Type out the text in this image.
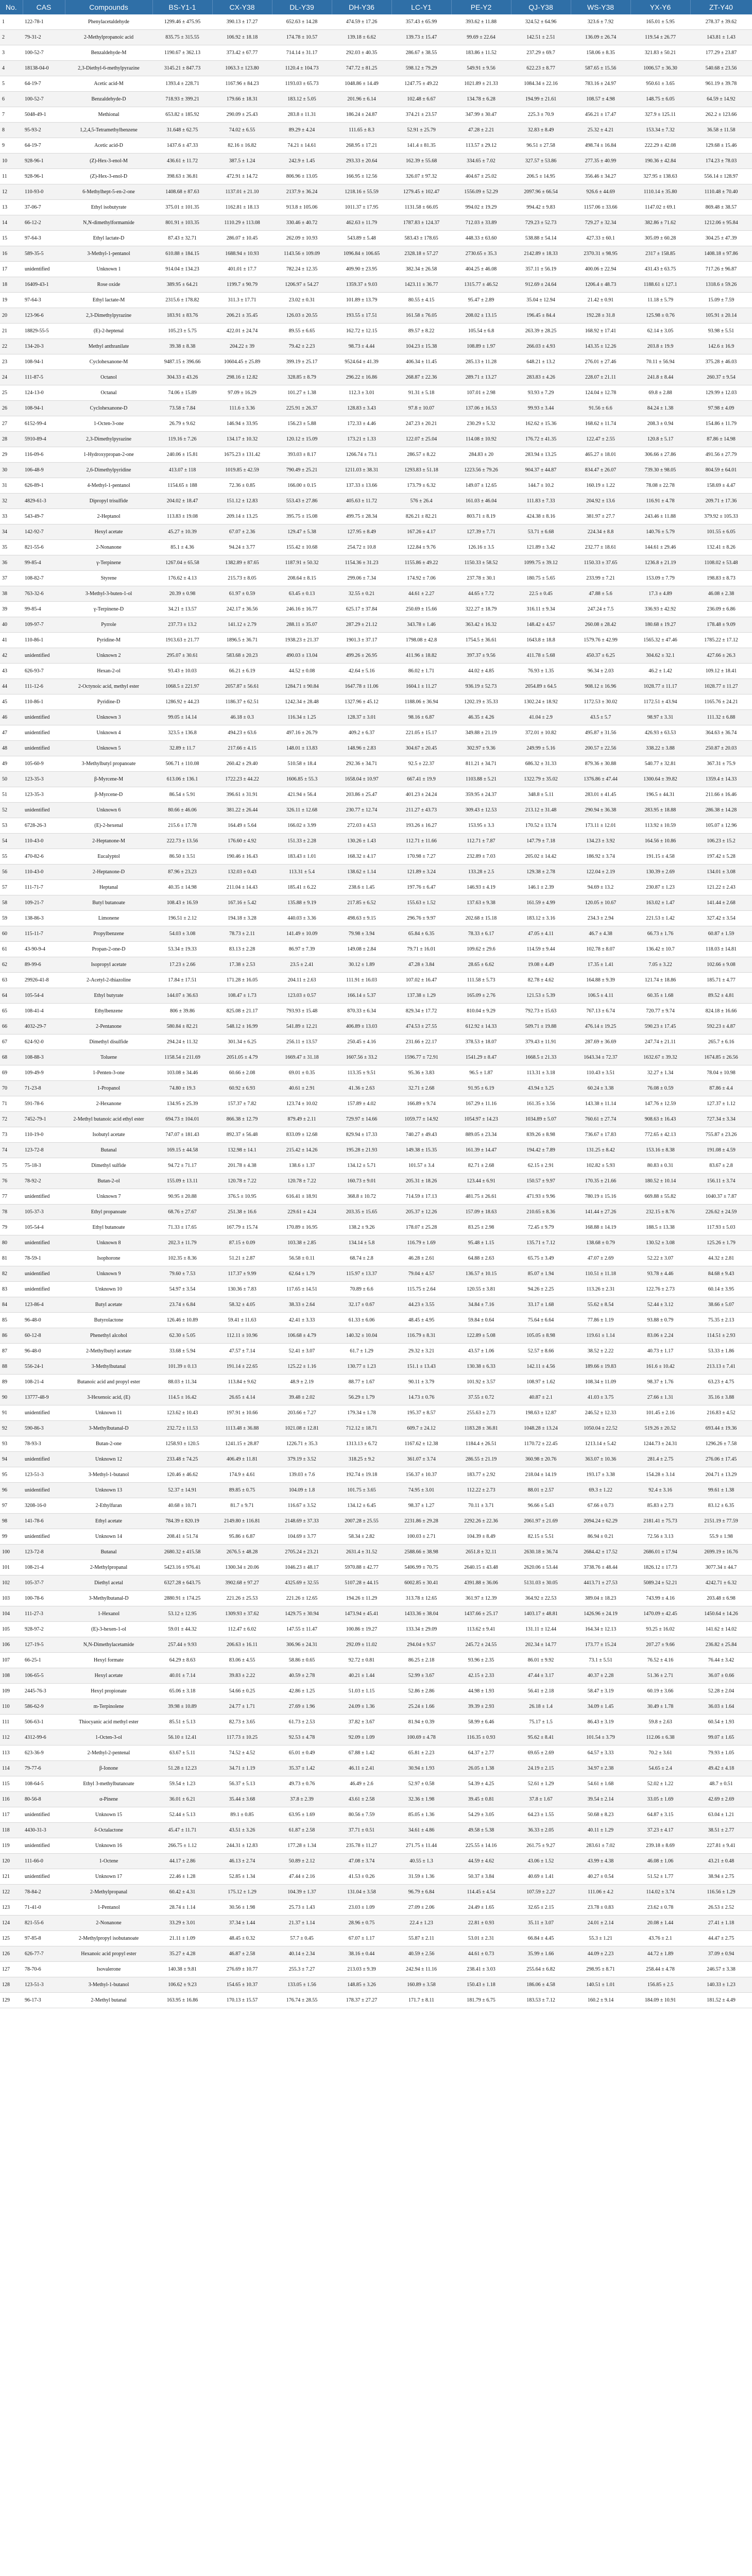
No.	CAS	Compounds	BS-Y1-1	CX-Y38	DL-Y39	DH-Y36	LC-Y1	PE-Y2	QJ-Y38	WS-Y38	YX-Y6	ZT-Y40
1	122-78-1	Phenylacetaldehyde	1299.46 ± 475.95	390.13 ± 17.27	652.63 ± 14.28	474.59 ± 17.26	357.43 ± 65.99	393.62 ± 11.88	324.52 ± 64.96	323.6 ± 7.92	165.01 ± 5.95	278.37 ± 39.62
2	79-31-2	2-Methylpropanoic acid	835.75 ± 315.55	106.92 ± 18.18	174.78 ± 10.57	139.18 ± 6.62	139.73 ± 15.47	99.69 ± 22.64	142.51 ± 2.51	136.09 ± 26.74	119.54 ± 26.77	143.81 ± 1.43
3	100-52-7	Benzaldehyde-M	1190.67 ± 362.13	373.42 ± 67.77	714.14 ± 31.17	292.03 ± 40.35	286.67 ± 38.55	183.86 ± 11.52	237.29 ± 69.7	158.06 ± 8.35	321.83 ± 50.21	177.29 ± 23.87
4	18138-04-0	2,3-Diethyl-6-methylpyrazine	3145.21 ± 847.73	1063.3 ± 123.80	1120.4 ± 104.73	747.72 ± 81.25	598.12 ± 79.29	549.91 ± 9.56	622.23 ± 8.77	587.65 ± 15.56	1006.57 ± 36.30	540.68 ± 23.56
5	64-19-7	Acetic acid-M	1393.4 ± 228.71	1167.96 ± 84.23	1193.03 ± 65.73	1048.86 ± 14.49	1247.75 ± 49.22	1021.89 ± 21.33	1084.34 ± 22.16	783.16 ± 24.97	950.61 ± 3.65	961.19 ± 39.78
6	100-52-7	Benzaldehyde-D	718.93 ± 399.21	179.66 ± 18.31	183.12 ± 5.05	201.96 ± 6.14	102.48 ± 6.67	134.78 ± 6.28	194.99 ± 21.61	108.57 ± 4.98	148.75 ± 6.05	64.59 ± 14.92
7	5048-49-1	Methional	653.82 ± 185.92	290.09 ± 25.43	283.8 ± 11.31	186.24 ± 24.87	374.21 ± 23.57	347.99 ± 30.47	225.3 ± 70.9	456.21 ± 17.47	327.9 ± 125.11	262.2 ± 123.66
8	95-93-2	1,2,4,5-Tetramethylbenzene	31.648 ± 62.75	74.02 ± 6.55	89.29 ± 4.24	111.65 ± 8.3	52.91 ± 25.79	47.28 ± 2.21	32.83 ± 8.49	25.32 ± 4.21	153.34 ± 7.32	36.58 ± 11.58
9	64-19-7	Acetic acid-D	1437.6 ± 47.33	82.16 ± 16.82	74.21 ± 14.61	268.95 ± 17.21	141.4 ± 81.35	113.57 ± 29.12	96.51 ± 27.58	498.74 ± 16.84	222.29 ± 42.08	129.68 ± 15.46
10	928-96-1	(Z)-Hex-3-enol-M	436.61 ± 11.72	387.5 ± 1.24	242.9 ± 1.45	293.33 ± 20.64	162.39 ± 55.68	334.65 ± 7.02	327.57 ± 53.86	277.35 ± 40.99	190.36 ± 42.84	174.23 ± 78.03
11	928-96-1	(Z)-Hex-3-enol-D	398.63 ± 36.81	472.91 ± 14.72	806.96 ± 13.05	166.95 ± 12.56	326.07 ± 97.32	404.67 ± 25.02	206.5 ± 14.95	356.46 ± 34.27	327.95 ± 138.63	556.14 ± 128.97
12	110-93-0	6-Methylhept-5-en-2-one	1408.68 ± 87.63	1137.01 ± 21.10	2137.9 ± 36.24	1218.16 ± 55.59	1279.45 ± 102.47	1556.09 ± 52.29	2097.96 ± 66.54	926.6 ± 44.69	1110.14 ± 35.80	1110.48 ± 70.40
13	37-06-7	Ethyl isobutyrate	375.01 ± 101.35	1162.81 ± 18.13	913.8 ± 105.06	1011.37 ± 17.95	1131.58 ± 66.05	994.02 ± 19.29	994.42 ± 9.83	1157.06 ± 33.66	1147.02 ± 69.1	869.48 ± 38.57
14	66-12-2	N,N-dimethylformamide	801.91 ± 103.35	1110.29 ± 113.08	330.46 ± 40.72	462.63 ± 11.79	1787.83 ± 124.37	712.03 ± 33.89	729.23 ± 52.73	729.27 ± 32.34	382.86 ± 71.62	1212.06 ± 95.84
15	97-64-3	Ethyl lactate-D	87.43 ± 32.71	286.07 ± 10.45	262.09 ± 10.93	543.89 ± 5.48	583.43 ± 178.65	448.33 ± 63.60	538.88 ± 54.14	427.33 ± 60.1	305.09 ± 60.28	304.25 ± 47.39
16	589-35-5	3-Methyl-1-pentanol	610.88 ± 184.15	1688.94 ± 10.93	1143.56 ± 109.09	1096.84 ± 106.65	2328.18 ± 57.27	2730.65 ± 35.3	2142.89 ± 18.33	2370.31 ± 98.95	2317 ± 158.85	1408.18 ± 97.86
17	unidentified	Unknown 1	914.04 ± 134.23	401.01 ± 17.7	782.24 ± 12.35	409.90 ± 23.95	382.34 ± 26.58	404.25 ± 46.08	357.11 ± 56.19	400.06 ± 22.94	431.43 ± 63.75	717.26 ± 96.87
18	16409-43-1	Rose oxide	389.95 ± 64.21	1199.7 ± 90.79	1206.97 ± 54.27	1359.37 ± 9.03	1423.11 ± 36.77	1315.77 ± 46.52	912.69 ± 24.64	1206.4 ± 48.73	1188.61 ± 127.1	1318.6 ± 59.26
19	97-64-3	Ethyl lactate-M	2315.6 ± 178.82	311.3 ± 17.71	23.02 ± 0.31	101.89 ± 13.79	80.55 ± 4.15	95.47 ± 2.89	35.04 ± 12.94	21.42 ± 0.91	11.18 ± 5.79	15.09 ± 7.59
20	123-96-6	2,3-Dimethylpyrazine	183.91 ± 83.76	206.21 ± 35.45	126.03 ± 20.55	193.55 ± 17.51	161.58 ± 76.05	208.02 ± 13.15	196.45 ± 84.4	192.28 ± 31.8	125.98 ± 0.76	105.91 ± 20.14
21	18829-55-5	(E)-2-heptenal	105.23 ± 5.75	422.01 ± 24.74	89.55 ± 6.65	162.72 ± 12.15	89.57 ± 8.22	105.54 ± 6.8	263.39 ± 28.25	168.92 ± 17.41	62.14 ± 3.05	93.98 ± 5.51
22	134-20-3	Methyl anthranilate	39.38 ± 8.38	204.22 ± 39	79.42 ± 2.23	98.73 ± 4.44	104.23 ± 15.38	108.89 ± 1.97	266.03 ± 4.93	143.35 ± 12.26	203.8 ± 19.9	142.6 ± 16.9
23	108-94-1	Cyclohexanone-M	9487.15 ± 396.66	10604.45 ± 25.89	399.19 ± 25.17	9524.64 ± 41.39	406.34 ± 11.45	285.13 ± 11.28	648.21 ± 13.2	276.01 ± 27.46	70.11 ± 56.94	375.28 ± 46.03
24	111-87-5	Octanol	304.33 ± 43.26	298.16 ± 12.82	328.85 ± 8.79	296.22 ± 16.86	268.87 ± 22.36	289.71 ± 13.27	283.83 ± 4.26	228.07 ± 21.11	241.8 ± 8.44	260.37 ± 9.54
25	124-13-0	Octanal	74.06 ± 15.89	97.09 ± 16.29	101.27 ± 1.38	112.3 ± 3.01	91.31 ± 5.18	107.01 ± 2.98	93.93 ± 7.29	124.04 ± 12.78	69.8 ± 2.88	129.99 ± 12.03
26	108-94-1	Cyclohexanone-D	73.58 ± 7.84	111.6 ± 3.36	225.91 ± 26.37	128.83 ± 3.43	97.8 ± 10.07	137.06 ± 16.53	99.93 ± 3.44	91.56 ± 6.6	84.24 ± 1.38	97.98 ± 4.09
27	6152-99-4	1-Octen-3-one	26.79 ± 9.62	146.94 ± 33.95	156.23 ± 5.88	172.33 ± 4.46	247.23 ± 20.21	230.29 ± 5.32	162.62 ± 15.36	168.62 ± 11.74	208.3 ± 0.94	154.86 ± 11.79
28	5910-89-4	2,3-Dimethylpyrazine	119.16 ± 7.26	134.17 ± 10.32	120.12 ± 15.09	173.21 ± 1.33	122.07 ± 25.04	114.08 ± 10.92	176.72 ± 41.35	122.47 ± 2.55	120.8 ± 5.17	87.86 ± 14.98
29	116-09-6	1-Hydroxypropan-2-one	240.06 ± 15.81	1675.23 ± 131.42	393.03 ± 8.17	1266.74 ± 73.1	286.57 ± 8.22	284.83 ± 20	283.94 ± 13.25	465.27 ± 18.01	306.66 ± 27.86	491.56 ± 27.79
30	106-48-9	2,6-Dimethylpyridine	413.07 ± 118	1019.85 ± 42.59	790.49 ± 25.21	1211.03 ± 38.31	1293.83 ± 51.18	1223.56 ± 79.26	904.37 ± 44.87	834.47 ± 26.07	739.30 ± 98.05	804.59 ± 64.01
31	626-89-1	4-Methyl-1-pentanol	1154.65 ± 188	72.36 ± 0.85	166.00 ± 0.15	137.33 ± 13.66	173.79 ± 6.32	149.07 ± 12.65	144.7 ± 10.2	160.19 ± 1.22	78.08 ± 22.78	158.69 ± 4.47
32	4829-61-3	Dipropyl trisulfide	204.02 ± 18.47	151.12 ± 12.83	553.43 ± 27.86	405.63 ± 11.72	576 ± 26.4	161.03 ± 46.04	111.83 ± 7.33	204.92 ± 13.6	116.91 ± 4.78	209.71 ± 17.36
33	543-49-7	2-Heptanol	113.83 ± 19.08	209.14 ± 13.25	395.75 ± 15.08	499.75 ± 28.34	826.21 ± 82.21	803.71 ± 8.19	424.38 ± 8.16	381.97 ± 27.7	243.46 ± 11.88	379.92 ± 105.33
34	142-92-7	Hexyl acetate	45.27 ± 10.39	67.07 ± 2.36	129.47 ± 5.38	127.95 ± 8.49	167.26 ± 4.17	127.39 ± 7.71	53.71 ± 6.68	224.34 ± 8.8	140.76 ± 5.79	101.55 ± 6.05
35	821-55-6	2-Nonanone	85.1 ± 4.36	94.24 ± 3.77	155.42 ± 10.68	254.72 ± 10.8	122.84 ± 9.76	126.16 ± 3.5	121.89 ± 3.42	232.77 ± 18.61	144.61 ± 29.46	132.41 ± 8.26
36	99-85-4	γ-Terpinene	1267.04 ± 65.58	1382.89 ± 87.65	1187.91 ± 50.32	1154.36 ± 31.23	1155.86 ± 49.22	1150.33 ± 58.52	1099.75 ± 39.12	1150.33 ± 37.65	1236.8 ± 21.19	1108.02 ± 53.48
37	108-82-7	Styrene	176.62 ± 4.13	215.73 ± 8.05	208.64 ± 8.15	299.06 ± 7.34	174.92 ± 7.06	237.78 ± 30.1	180.75 ± 5.65	233.99 ± 7.21	153.09 ± 7.79	198.83 ± 8.73
38	763-32-6	3-Methyl-3-buten-1-ol	20.39 ± 0.98	61.97 ± 0.59	63.45 ± 0.13	32.55 ± 0.21	44.61 ± 2.27	44.65 ± 7.72	22.5 ± 0.45	47.88 ± 5.6	17.3 ± 4.89	46.08 ± 2.38
39	99-85-4	γ-Terpinene-D	34.21 ± 13.57	242.17 ± 36.56	246.16 ± 16.77	625.17 ± 37.84	250.69 ± 15.66	322.27 ± 18.79	316.11 ± 9.34	247.24 ± 7.5	336.93 ± 42.92	236.09 ± 6.86
40	109-97-7	Pyrrole	237.73 ± 13.2	141.12 ± 2.79	288.11 ± 35.07	287.29 ± 21.12	343.78 ± 1.46	363.42 ± 16.32	148.42 ± 4.57	260.08 ± 28.42	180.68 ± 19.27	178.48 ± 9.09
41	110-86-1	Pyridine-M	1913.63 ± 21.77	1896.5 ± 36.71	1938.23 ± 21.37	1901.3 ± 37.17	1798.08 ± 42.8	1754.5 ± 36.61	1643.8 ± 18.8	1579.76 ± 42.99	1565.32 ± 47.46	1785.22 ± 17.12
42	unidentified	Unknown 2	295.07 ± 30.61	583.68 ± 20.23	490.03 ± 13.04	499.26 ± 26.95	411.96 ± 18.82	397.37 ± 9.56	411.78 ± 5.68	450.37 ± 6.25	304.62 ± 32.1	427.66 ± 26.3
43	626-93-7	Hexan-2-ol	93.43 ± 10.03	66.21 ± 6.19	44.52 ± 0.08	42.64 ± 5.16	86.02 ± 1.71	44.02 ± 4.85	76.93 ± 1.35	96.34 ± 2.03	46.2 ± 1.42	109.12 ± 18.41
44	111-12-6	2-Octynoic acid, methyl ester	1068.5 ± 221.97	2057.87 ± 56.61	1284.71 ± 90.84	1647.78 ± 11.06	1604.1 ± 11.27	936.19 ± 52.73	2054.89 ± 64.5	908.12 ± 16.96	1028.77 ± 11.17	1028.77 ± 11.27
45	110-86-1	Pyridine-D	1286.92 ± 44.23	1186.37 ± 62.51	1242.34 ± 28.48	1327.96 ± 45.12	1188.06 ± 36.94	1202.19 ± 35.33	1302.24 ± 18.92	1172.53 ± 30.02	1172.51 ± 43.94	1165.76 ± 24.21
46	unidentified	Unknown 3	99.05 ± 14.14	46.18 ± 0.3	116.34 ± 1.25	128.37 ± 3.01	98.16 ± 6.87	46.35 ± 4.26	41.04 ± 2.9	43.5 ± 5.7	98.97 ± 3.31	111.32 ± 6.88
47	unidentified	Unknown 4	323.5 ± 136.8	494.23 ± 63.6	497.16 ± 26.79	409.2 ± 6.37	221.05 ± 15.17	349.88 ± 21.19	372.01 ± 10.82	495.87 ± 31.56	426.93 ± 63.53	364.63 ± 36.74
48	unidentified	Unknown 5	32.89 ± 11.7	217.66 ± 4.15	148.01 ± 13.83	148.96 ± 2.83	304.67 ± 20.45	302.97 ± 9.36	249.99 ± 5.16	200.57 ± 22.56	338.22 ± 3.88	250.87 ± 20.03
49	105-60-9	3-Methylbutyl propanoate	506.71 ± 110.08	260.42 ± 29.40	510.58 ± 18.4	292.36 ± 34.71	92.5 ± 22.37	811.21 ± 34.71	686.32 ± 31.33	879.36 ± 30.88	540.77 ± 32.81	367.31 ± 75.9
50	123-35-3	β-Myrcene-M	613.06 ± 136.1	1722.23 ± 44.22	1606.85 ± 55.3	1658.04 ± 10.97	667.41 ± 19.9	1103.88 ± 5.21	1322.79 ± 35.02	1376.86 ± 47.44	1300.64 ± 39.82	1359.4 ± 14.33
51	123-35-3	β-Myrcene-D	86.54 ± 5.91	396.61 ± 31.91	421.94 ± 56.4	203.86 ± 25.47	401.23 ± 24.24	359.95 ± 24.37	348.8 ± 5.11	283.01 ± 41.45	196.5 ± 44.31	211.66 ± 16.46
52	unidentified	Unknown 6	80.66 ± 46.06	381.22 ± 26.44	326.11 ± 12.68	230.77 ± 12.74	211.27 ± 43.73	309.43 ± 12.53	213.12 ± 31.48	290.94 ± 36.38	283.95 ± 18.88	286.38 ± 14.28
53	6728-26-3	(E)-2-hexenal	215.6 ± 17.78	164.49 ± 5.64	166.02 ± 3.99	272.03 ± 4.53	193.26 ± 16.27	153.95 ± 3.3	170.52 ± 13.74	173.11 ± 12.01	113.92 ± 10.59	105.07 ± 12.96
54	110-43-0	2-Heptanone-M	222.73 ± 13.56	176.60 ± 4.92	151.33 ± 2.28	130.26 ± 1.43	112.71 ± 11.66	112.71 ± 7.87	147.79 ± 7.18	134.23 ± 3.92	164.56 ± 10.86	106.23 ± 15.2
55	470-82-6	Eucalyptol	86.50 ± 3.51	190.46 ± 16.43	183.43 ± 1.01	168.32 ± 4.17	170.98 ± 7.27	232.89 ± 7.03	205.02 ± 14.42	186.92 ± 3.74	191.15 ± 4.58	197.42 ± 5.28
56	110-43-0	2-Heptanone-D	87.96 ± 23.23	132.03 ± 0.43	113.31 ± 5.4	138.62 ± 1.14	121.89 ± 3.24	133.28 ± 2.5	129.38 ± 2.78	122.04 ± 2.19	130.39 ± 2.69	134.01 ± 3.08
57	111-71-7	Heptanal	40.35 ± 14.98	211.04 ± 14.43	185.41 ± 6.22	238.6 ± 1.45	197.76 ± 6.47	146.93 ± 4.19	146.1 ± 2.39	94.69 ± 13.2	230.87 ± 1.23	121.22 ± 2.43
58	109-21-7	Butyl butanoate	108.43 ± 16.59	167.16 ± 5.42	135.88 ± 9.19	217.85 ± 6.52	155.63 ± 1.52	137.63 ± 9.38	161.59 ± 4.99	120.05 ± 10.67	163.02 ± 1.47	141.44 ± 2.68
59	138-86-3	Limonene	196.51 ± 2.12	194.18 ± 3.28	440.03 ± 3.36	498.63 ± 9.15	296.76 ± 9.97	202.68 ± 15.18	183.12 ± 3.16	234.3 ± 2.94	221.53 ± 1.42	327.42 ± 3.54
60	115-11-7	Propylbenzene	54.03 ± 3.08	78.73 ± 2.11	141.49 ± 10.09	79.98 ± 3.94	65.84 ± 6.35	78.33 ± 6.17	47.05 ± 4.11	46.7 ± 4.38	66.73 ± 1.76	60.87 ± 1.59
61	43-90-9-4	Propan-2-one-D	53.34 ± 19.33	83.13 ± 2.28	86.97 ± 7.39	149.08 ± 2.84	79.71 ± 16.01	109.62 ± 29.6	114.59 ± 9.44	102.78 ± 8.07	136.42 ± 10.7	118.03 ± 14.81
62	89-99-6	Isopropyl acetate	17.23 ± 2.66	17.38 ± 2.53	23.5 ± 2.41	30.12 ± 1.89	47.28 ± 3.84	28.65 ± 6.62	19.08 ± 4.49	17.35 ± 1.41	7.05 ± 3.22	102.66 ± 9.08
63	29926-41-8	2-Acetyl-2-thiazoline	17.84 ± 17.51	171.28 ± 16.05	204.11 ± 2.63	111.91 ± 16.03	107.02 ± 16.47	111.58 ± 5.73	82.78 ± 4.62	164.88 ± 9.39	121.74 ± 18.86	185.71 ± 4.77
64	105-54-4	Ethyl butyrate	144.07 ± 36.63	108.47 ± 1.73	123.03 ± 0.57	166.14 ± 5.37	137.38 ± 1.29	165.09 ± 2.76	121.53 ± 5.39	106.5 ± 4.11	60.35 ± 1.68	89.52 ± 4.81
65	108-41-4	Ethylbenzene	806 ± 39.86	825.08 ± 21.17	793.93 ± 15.48	870.33 ± 6.34	829.34 ± 17.72	810.04 ± 9.29	792.73 ± 15.63	767.13 ± 6.74	720.77 ± 9.74	824.18 ± 16.66
66	4032-29-7	2-Pentanone	580.84 ± 82.21	548.12 ± 16.99	541.89 ± 12.21	406.89 ± 13.03	474.53 ± 27.55	612.92 ± 14.33	509.71 ± 19.88	476.14 ± 19.25	590.23 ± 17.45	592.23 ± 4.87
67	624-92-0	Dimethyl disulfide	294.24 ± 11.32	301.34 ± 6.25	256.11 ± 13.57	250.45 ± 4.16	231.66 ± 22.17	378.53 ± 18.07	379.43 ± 11.91	287.69 ± 36.69	247.74 ± 21.11	265.7 ± 6.16
68	108-88-3	Toluene	1158.54 ± 211.69	2051.05 ± 4.79	1669.47 ± 31.18	1607.56 ± 33.2	1596.77 ± 72.91	1541.29 ± 8.47	1668.5 ± 21.33	1643.34 ± 72.37	1632.67 ± 39.32	1674.85 ± 26.56
69	109-49-9	1-Penten-3-one	103.08 ± 34.46	60.66 ± 2.08	69.01 ± 0.35	113.35 ± 9.51	95.36 ± 3.83	96.5 ± 1.87	113.31 ± 3.18	110.43 ± 3.51	32.27 ± 1.34	78.04 ± 10.98
70	71-23-8	1-Propanol	74.80 ± 19.3	60.92 ± 6.93	40.61 ± 2.91	41.36 ± 2.63	32.71 ± 2.68	91.95 ± 6.19	43.94 ± 3.25	60.24 ± 3.38	76.08 ± 0.59	87.86 ± 4.4
71	591-78-6	2-Hexanone	134.95 ± 25.39	157.37 ± 7.82	123.74 ± 10.02	157.89 ± 4.02	166.89 ± 9.74	167.29 ± 11.16	161.35 ± 3.56	143.38 ± 11.14	147.76 ± 12.59	127.37 ± 1.12
72	7452-79-1	2-Methyl butanoic acid ethyl ester	694.73 ± 104.01	866.38 ± 12.79	879.49 ± 2.11	729.97 ± 14.66	1059.77 ± 14.92	1054.97 ± 14.23	1034.89 ± 5.07	760.61 ± 27.74	908.63 ± 16.43	727.34 ± 3.34
73	110-19-0	Isobutyl acetate	747.07 ± 181.43	892.37 ± 56.48	833.09 ± 12.68	829.94 ± 17.33	740.27 ± 49.43	889.05 ± 23.34	839.26 ± 8.98	736.67 ± 17.83	772.65 ± 42.13	755.87 ± 23.26
74	123-72-8	Butanal	169.15 ± 44.58	132.98 ± 14.1	215.42 ± 14.26	195.28 ± 21.93	149.38 ± 15.35	161.39 ± 14.47	194.42 ± 7.89	131.25 ± 8.42	153.16 ± 8.38	191.08 ± 4.59
75	75-18-3	Dimethyl sulfide	94.72 ± 71.17	201.78 ± 4.38	138.6 ± 1.37	134.12 ± 5.71	101.57 ± 3.4	82.71 ± 2.68	62.15 ± 2.91	102.82 ± 5.93	80.83 ± 0.31	83.67 ± 2.8
76	78-92-2	Butan-2-ol	155.09 ± 13.11	120.78 ± 7.22	120.78 ± 7.22	160.73 ± 9.01	205.31 ± 18.26	123.44 ± 6.91	150.57 ± 9.97	170.35 ± 21.66	180.52 ± 10.14	156.11 ± 3.74
77	unidentified	Unknown 7	90.95 ± 20.88	376.5 ± 10.95	616.41 ± 18.91	368.8 ± 10.72	714.59 ± 17.13	481.75 ± 26.61	471.93 ± 9.96	780.19 ± 15.16	669.88 ± 55.82	1040.37 ± 7.87
78	105-37-3	Ethyl propanoate	68.76 ± 27.67	251.38 ± 16.6	229.61 ± 4.24	203.35 ± 15.65	205.37 ± 12.26	157.09 ± 18.63	210.65 ± 8.36	141.44 ± 27.26	232.15 ± 8.76	226.62 ± 24.59
79	105-54-4	Ethyl butanoate	71.33 ± 17.65	167.79 ± 15.74	170.89 ± 16.95	138.2 ± 9.26	178.07 ± 25.28	83.25 ± 2.98	72.45 ± 9.79	168.88 ± 14.19	188.5 ± 13.38	117.93 ± 5.03
80	unidentified	Unknown 8	202.3 ± 11.79	87.15 ± 0.09	103.38 ± 2.85	134.14 ± 5.8	116.79 ± 1.69	95.48 ± 1.15	135.71 ± 7.12	138.68 ± 0.79	130.52 ± 3.08	125.26 ± 1.79
81	78-59-1	Isophorone	102.35 ± 8.36	51.21 ± 2.87	56.58 ± 0.11	68.74 ± 2.8	46.28 ± 2.61	64.88 ± 2.63	65.75 ± 3.49	47.07 ± 2.69	52.22 ± 3.07	44.32 ± 2.81
82	unidentified	Unknown 9	79.60 ± 7.53	117.37 ± 9.99	62.64 ± 1.79	115.97 ± 13.37	79.04 ± 4.57	136.57 ± 10.15	85.07 ± 1.94	110.51 ± 11.18	93.78 ± 4.46	84.68 ± 9.43
83	unidentified	Unknown 10	54.97 ± 3.54	130.36 ± 7.83	117.65 ± 14.51	70.89 ± 6.6	115.75 ± 2.64	120.55 ± 3.81	94.26 ± 2.25	113.26 ± 2.31	122.76 ± 2.73	60.14 ± 3.95
84	123-86-4	Butyl acetate	23.74 ± 6.84	58.32 ± 4.05	38.33 ± 2.64	32.17 ± 0.67	44.23 ± 3.55	34.84 ± 7.16	33.17 ± 1.68	55.62 ± 8.54	52.44 ± 3.12	38.66 ± 5.07
85	96-48-0	Butyrolactone	126.46 ± 10.89	59.41 ± 11.63	42.41 ± 3.33	61.33 ± 6.06	48.45 ± 4.95	59.84 ± 0.64	75.64 ± 6.64	77.86 ± 1.19	93.88 ± 0.79	75.35 ± 2.13
86	60-12-8	Phenethyl alcohol	62.30 ± 5.05	112.11 ± 10.96	106.68 ± 4.79	140.32 ± 10.04	116.79 ± 8.31	122.89 ± 5.08	105.05 ± 8.98	119.61 ± 1.14	83.06 ± 2.24	114.51 ± 2.93
87	96-48-0	2-Methylbutyl acetate	33.68 ± 5.94	47.57 ± 7.14	52.41 ± 3.07	61.7 ± 1.29	29.32 ± 3.21	43.57 ± 1.06	52.57 ± 8.66	38.52 ± 2.22	40.73 ± 1.17	53.33 ± 1.86
88	556-24-1	3-Methylbutanal	101.39 ± 0.13	191.14 ± 22.65	125.22 ± 1.16	130.77 ± 1.23	151.1 ± 13.43	130.38 ± 6.33	142.11 ± 4.56	189.66 ± 19.83	161.6 ± 10.42	213.13 ± 7.41
89	108-21-4	Butanoic acid and propyl ester	88.03 ± 11.34	113.84 ± 9.62	48.9 ± 2.19	88.77 ± 1.67	90.11 ± 3.79	101.92 ± 3.57	108.97 ± 1.62	108.34 ± 11.09	98.37 ± 1.76	63.23 ± 4.75
90	13777-48-9	3-Hexenoic acid, (E)	114.5 ± 16.42	26.65 ± 4.14	39.48 ± 2.02	56.29 ± 1.79	14.73 ± 0.76	37.55 ± 0.72	40.87 ± 2.1	41.03 ± 3.75	27.66 ± 1.31	35.16 ± 3.88
91	unidentified	Unknown 11	123.62 ± 10.43	197.91 ± 10.66	203.66 ± 7.27	179.34 ± 1.78	195.37 ± 8.57	255.63 ± 2.73	198.63 ± 12.87	246.52 ± 12.33	101.45 ± 2.16	216.83 ± 4.52
92	590-86-3	3-Methylbutanal-D	232.72 ± 11.53	1113.48 ± 36.88	1021.08 ± 12.81	712.12 ± 18.71	609.7 ± 24.12	1183.28 ± 36.81	1048.28 ± 13.24	1050.04 ± 22.52	519.26 ± 20.52	693.44 ± 19.36
93	78-93-3	Butan-2-one	1258.93 ± 120.5	1241.15 ± 28.87	1226.71 ± 35.3	1313.13 ± 6.72	1167.62 ± 12.38	1184.4 ± 26.51	1170.72 ± 22.45	1213.14 ± 5.42	1244.73 ± 24.31	1296.26 ± 7.58
94	unidentified	Unknown 12	233.48 ± 74.25	406.49 ± 11.81	379.19 ± 3.52	318.25 ± 9.2	361.07 ± 3.74	286.55 ± 21.19	360.98 ± 20.76	363.07 ± 10.36	281.4 ± 2.75	276.06 ± 17.45
95	123-51-3	3-Methyl-1-butanol	120.46 ± 46.62	174.9 ± 4.61	139.03 ± 7.6	192.74 ± 19.18	156.37 ± 10.37	183.77 ± 2.92	218.04 ± 14.19	193.17 ± 3.38	154.28 ± 3.14	204.71 ± 13.29
96	unidentified	Unknown 13	52.37 ± 14.91	89.85 ± 0.75	104.09 ± 1.8	101.75 ± 3.65	74.95 ± 3.01	112.22 ± 2.73	88.01 ± 2.57	69.3 ± 1.22	92.4 ± 3.16	99.61 ± 1.38
97	3208-16-0	2-Ethylfuran	40.68 ± 10.71	81.7 ± 9.71	116.67 ± 3.52	134.12 ± 6.45	98.37 ± 1.27	70.11 ± 3.71	96.66 ± 5.43	67.66 ± 0.73	85.83 ± 2.73	83.12 ± 6.35
98	141-78-6	Ethyl acetate	784.39 ± 820.19	2149.80 ± 116.81	2148.69 ± 37.33	2007.28 ± 25.55	2231.86 ± 29.28	2292.26 ± 22.36	2061.97 ± 21.69	2094.24 ± 62.29	2181.41 ± 75.73	2151.19 ± 77.59
99	unidentified	Unknown 14	208.41 ± 51.74	95.86 ± 6.87	104.69 ± 3.77	58.34 ± 2.82	100.03 ± 2.71	104.39 ± 8.49	82.15 ± 5.51	86.94 ± 0.21	72.56 ± 3.13	55.9 ± 1.98
100	123-72-8	Butanal	2680.32 ± 415.58	2676.5 ± 48.28	2705.24 ± 23.21	2631.4 ± 31.52	2588.66 ± 38.98	2651.8 ± 32.11	2630.18 ± 36.74	2684.42 ± 17.52	2686.01 ± 17.94	2699.19 ± 16.76
101	108-21-4	2-Methylpropanal	5423.16 ± 976.41	1300.34 ± 20.06	1046.23 ± 48.17	5970.88 ± 42.77	5406.99 ± 70.75	2640.15 ± 43.48	2620.06 ± 53.44	3738.76 ± 48.44	1826.12 ± 17.73	3077.34 ± 44.7
102	105-37-7	Diethyl acetal	6327.28 ± 643.75	3902.68 ± 97.27	4325.69 ± 32.55	5107.28 ± 44.15	6002.85 ± 30.41	4391.88 ± 36.06	5131.03 ± 30.05	4413.71 ± 27.53	5089.24 ± 52.21	4242.71 ± 6.32
103	100-78-6	3-Methylbutanal-D	2880.91 ± 174.25	221.26 ± 25.53	221.26 ± 12.65	194.26 ± 11.29	313.78 ± 12.65	361.97 ± 12.39	364.92 ± 22.53	389.04 ± 18.23	743.99 ± 4.16	203.48 ± 6.98
104	111-27-3	1-Hexanol	53.12 ± 12.95	1309.93 ± 37.62	1429.75 ± 30.94	1473.94 ± 45.41	1433.36 ± 38.04	1437.66 ± 25.17	1403.17 ± 48.81	1426.96 ± 24.19	1470.09 ± 42.45	1450.64 ± 14.26
105	928-97-2	(E)-3-hexen-1-ol	59.01 ± 44.32	112.47 ± 6.02	147.55 ± 11.47	100.86 ± 19.27	133.34 ± 29.09	113.62 ± 9.41	131.11 ± 12.44	164.34 ± 12.13	93.25 ± 16.02	141.62 ± 14.02
106	127-19-5	N,N-Dimethylacetamide	257.44 ± 9.93	206.63 ± 16.11	306.96 ± 24.31	292.09 ± 11.02	294.04 ± 9.57	245.72 ± 24.55	202.34 ± 14.77	173.77 ± 15.24	207.27 ± 9.66	236.82 ± 25.84
107	66-25-1	Hexyl formate	64.29 ± 8.63	83.06 ± 4.55	58.86 ± 0.65	92.72 ± 0.81	86.25 ± 2.18	93.96 ± 2.35	86.01 ± 9.92	73.1 ± 5.51	76.52 ± 4.16	76.44 ± 3.42
108	106-65-5	Hexyl acetate	40.01 ± 7.14	39.83 ± 2.22	40.59 ± 2.78	40.21 ± 1.44	52.99 ± 3.67	42.15 ± 2.33	47.44 ± 3.17	40.37 ± 2.28	51.36 ± 2.71	36.07 ± 0.66
109	2445-76-3	Hexyl propionate	65.06 ± 3.18	54.66 ± 0.25	42.86 ± 1.25	51.03 ± 1.15	52.86 ± 2.86	44.98 ± 1.93	56.41 ± 2.18	58.47 ± 3.19	60.19 ± 3.66	52.28 ± 2.04
110	586-62-9	m-Terpinolene	39.98 ± 10.89	24.77 ± 1.71	27.69 ± 1.96	24.09 ± 1.36	25.24 ± 1.66	39.39 ± 2.93	26.18 ± 1.4	34.09 ± 1.45	30.49 ± 1.78	36.03 ± 1.64
111	506-63-1	Thiocyanic acid methyl ester	85.51 ± 5.13	82.73 ± 3.65	61.73 ± 2.53	37.82 ± 3.67	81.94 ± 0.39	58.99 ± 6.46	75.17 ± 1.5	86.43 ± 3.19	59.8 ± 2.63	60.54 ± 1.93
112	4312-99-6	1-Octen-3-ol	56.10 ± 12.41	117.73 ± 10.25	92.53 ± 4.78	92.09 ± 1.09	100.69 ± 4.78	116.35 ± 0.93	95.62 ± 8.41	101.54 ± 3.79	112.06 ± 6.38	99.07 ± 1.65
113	623-36-9	2-Methyl-2-pentenal	63.67 ± 5.11	74.52 ± 4.52	65.01 ± 0.49	67.88 ± 1.42	65.81 ± 2.23	64.37 ± 2.77	69.65 ± 2.69	64.57 ± 3.33	70.2 ± 3.61	79.93 ± 1.05
114	79-77-6	β-Ionone	51.28 ± 12.23	34.71 ± 1.19	35.37 ± 1.42	46.11 ± 2.41	30.94 ± 1.93	26.05 ± 1.38	24.19 ± 2.15	34.97 ± 2.38	54.65 ± 2.4	49.42 ± 4.18
115	108-64-5	Ethyl 3-methylbutanoate	59.54 ± 1.23	56.37 ± 5.13	49.73 ± 0.76	46.49 ± 2.6	52.97 ± 0.58	54.39 ± 4.25	52.61 ± 1.29	54.61 ± 1.68	52.02 ± 1.22	48.7 ± 0.51
116	80-56-8	α-Pinene	36.01 ± 6.21	35.44 ± 3.68	37.8 ± 2.39	43.61 ± 2.58	32.36 ± 1.98	39.45 ± 0.81	37.8 ± 1.67	39.54 ± 2.14	33.05 ± 1.69	42.69 ± 2.69
117	unidentified	Unknown 15	52.44 ± 5.13	89.1 ± 0.85	63.95 ± 1.69	80.56 ± 7.59	85.05 ± 1.36	54.29 ± 3.05	64.23 ± 1.55	50.68 ± 8.23	64.87 ± 3.15	63.04 ± 1.21
118	4430-31-3	δ-Octalactone	45.47 ± 11.71	43.51 ± 3.26	61.87 ± 2.58	37.71 ± 0.51	34.61 ± 4.86	49.58 ± 5.38	36.33 ± 2.05	40.11 ± 1.29	37.23 ± 4.17	38.51 ± 2.77
119	unidentified	Unknown 16	266.75 ± 1.12	244.31 ± 12.83	177.28 ± 1.34	235.78 ± 11.27	271.75 ± 11.44	225.55 ± 14.16	261.75 ± 9.27	283.61 ± 7.02	239.18 ± 8.69	227.81 ± 9.41
120	111-66-0	1-Octene	44.17 ± 2.86	46.13 ± 2.74	50.89 ± 2.12	47.08 ± 3.74	40.55 ± 1.3	44.59 ± 4.62	43.06 ± 1.52	43.99 ± 4.38	46.08 ± 1.06	43.21 ± 0.48
121	unidentified	Unknown 17	22.46 ± 1.28	52.85 ± 1.34	47.44 ± 2.16	41.53 ± 0.26	31.59 ± 1.36	50.37 ± 3.84	40.69 ± 1.41	40.27 ± 0.54	51.52 ± 1.77	38.94 ± 2.75
122	78-84-2	2-Methylpropanal	60.42 ± 4.31	175.12 ± 1.29	104.39 ± 1.37	131.04 ± 3.58	96.79 ± 6.84	114.45 ± 4.54	107.59 ± 2.27	111.06 ± 4.2	114.02 ± 3.74	116.56 ± 1.29
123	71-41-0	1-Pentanol	28.74 ± 1.14	30.56 ± 1.98	25.73 ± 1.43	23.03 ± 1.09	27.09 ± 2.06	24.49 ± 1.65	32.65 ± 2.15	23.78 ± 0.83	23.62 ± 0.78	26.53 ± 2.52
124	821-55-6	2-Nonanone	33.29 ± 3.01	37.34 ± 1.44	21.37 ± 1.14	28.96 ± 0.75	22.4 ± 1.23	22.81 ± 0.93	35.11 ± 3.07	24.01 ± 2.14	20.08 ± 1.44	27.41 ± 1.18
125	97-85-8	2-Methylpropyl isobutanoate	21.11 ± 1.09	48.45 ± 0.32	57.7 ± 0.45	67.07 ± 1.17	55.87 ± 2.11	53.01 ± 2.31	66.84 ± 4.45	55.3 ± 1.21	43.76 ± 2.1	44.47 ± 2.75
126	626-77-7	Hexanoic acid propyl ester	35.27 ± 4.28	46.87 ± 2.58	40.14 ± 2.34	38.16 ± 0.44	40.59 ± 2.56	44.61 ± 0.73	35.99 ± 1.66	44.09 ± 2.23	44.72 ± 1.89	37.09 ± 0.94
127	78-70-6	Isovalerone	140.38 ± 9.81	276.69 ± 10.77	255.3 ± 7.27	213.03 ± 9.39	242.94 ± 11.16	238.41 ± 3.03	255.64 ± 6.82	298.95 ± 8.71	258.44 ± 4.78	246.57 ± 3.38
128	123-51-3	3-Methyl-1-butanol	106.62 ± 9.23	154.65 ± 10.37	133.05 ± 1.56	148.85 ± 3.26	160.89 ± 3.58	150.43 ± 1.18	186.06 ± 4.58	140.51 ± 1.01	156.85 ± 2.5	140.33 ± 1.23
129	96-17-3	2-Methyl butanal	163.95 ± 16.86	170.13 ± 15.57	176.74 ± 28.55	178.37 ± 27.27	171.7 ± 8.11	181.79 ± 6.75	183.53 ± 7.12	160.2 ± 9.14	184.09 ± 10.91	181.52 ± 4.49
